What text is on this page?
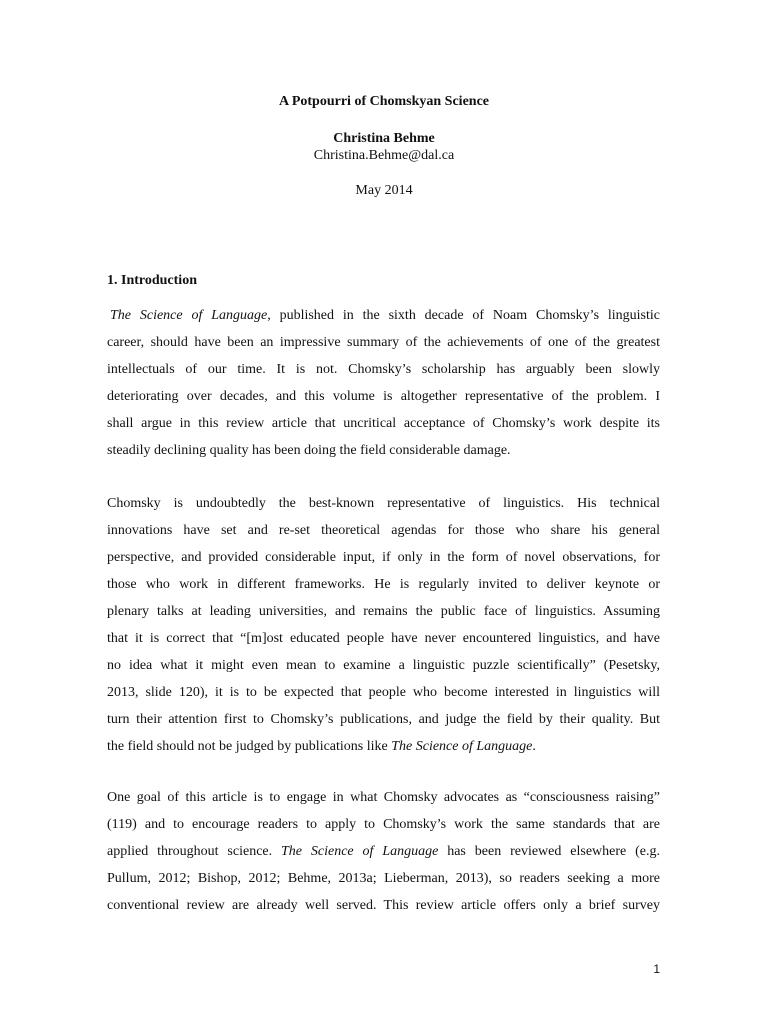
A Potpourri of Chomskyan Science
Christina Behme
Christina.Behme@dal.ca
May 2014
1. Introduction
The Science of Language, published in the sixth decade of Noam Chomsky’s linguistic
career, should have been an impressive summary of the achievements of one of the greatest
intellectuals of our time. It is not. Chomsky’s scholarship has arguably been slowly
deteriorating over decades, and this volume is altogether representative of the problem. I
shall argue in this review article that uncritical acceptance of Chomsky’s work despite its
steadily declining quality has been doing the field considerable damage.
Chomsky is undoubtedly the best-known representative of linguistics. His technical
innovations have set and re-set theoretical agendas for those who share his general
perspective, and provided considerable input, if only in the form of novel observations, for
those who work in different frameworks. He is regularly invited to deliver keynote or
plenary talks at leading universities, and remains the public face of linguistics. Assuming
that it is correct that “[m]ost educated people have never encountered linguistics, and have
no idea what it might even mean to examine a linguistic puzzle scientifically” (Pesetsky,
2013, slide 120), it is to be expected that people who become interested in linguistics will
turn their attention first to Chomsky’s publications, and judge the field by their quality. But
the field should not be judged by publications like The Science of Language.
One goal of this article is to engage in what Chomsky advocates as “consciousness raising”
(119) and to encourage readers to apply to Chomsky’s work the same standards that are
applied throughout science. The Science of Language has been reviewed elsewhere (e.g.
Pullum, 2012; Bishop, 2012; Behme, 2013a; Lieberman, 2013), so readers seeking a more
conventional review are already well served. This review article offers only a brief survey
1
